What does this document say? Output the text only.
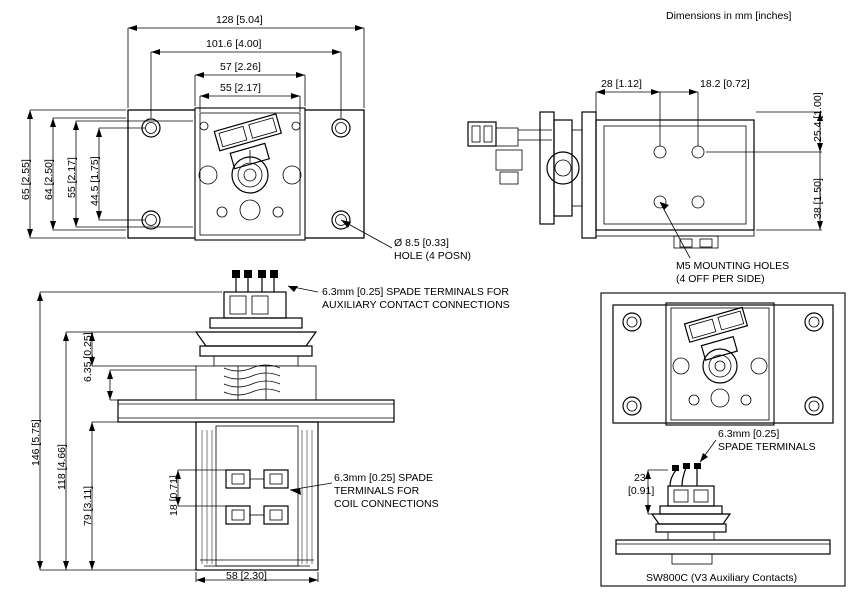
Dimensions in mm [inches]
128 [5.04]
101.6 [4.00]
57 [2.26]
55 [2.17]
65 [2.55] 64 [2.50] 55 [2.17] 44.5 [1.75]
Ø 8.5 [0.33]
HOLE (4 POSN)
28 [1.12]	18.2 [0.72]
25.4 [1.00]
38 [1.50]
M5 MOUNTING HOLES
(4 OFF PER SIDE)
146 [5.75]
118 [4.66]
79 [3.11]
6.35 [0.25]
18 [0.71]
58 [2.30]
6.3mm [0.25] SPADE TERMINALS FOR
AUXILIARY CONTACT CONNECTIONS
6.3mm [0.25] SPADE
TERMINALS FOR
COIL CONNECTIONS
6.3mm [0.25]
SPADE TERMINALS
23
[0.91]
SW800C (V3 Auxiliary Contacts)
